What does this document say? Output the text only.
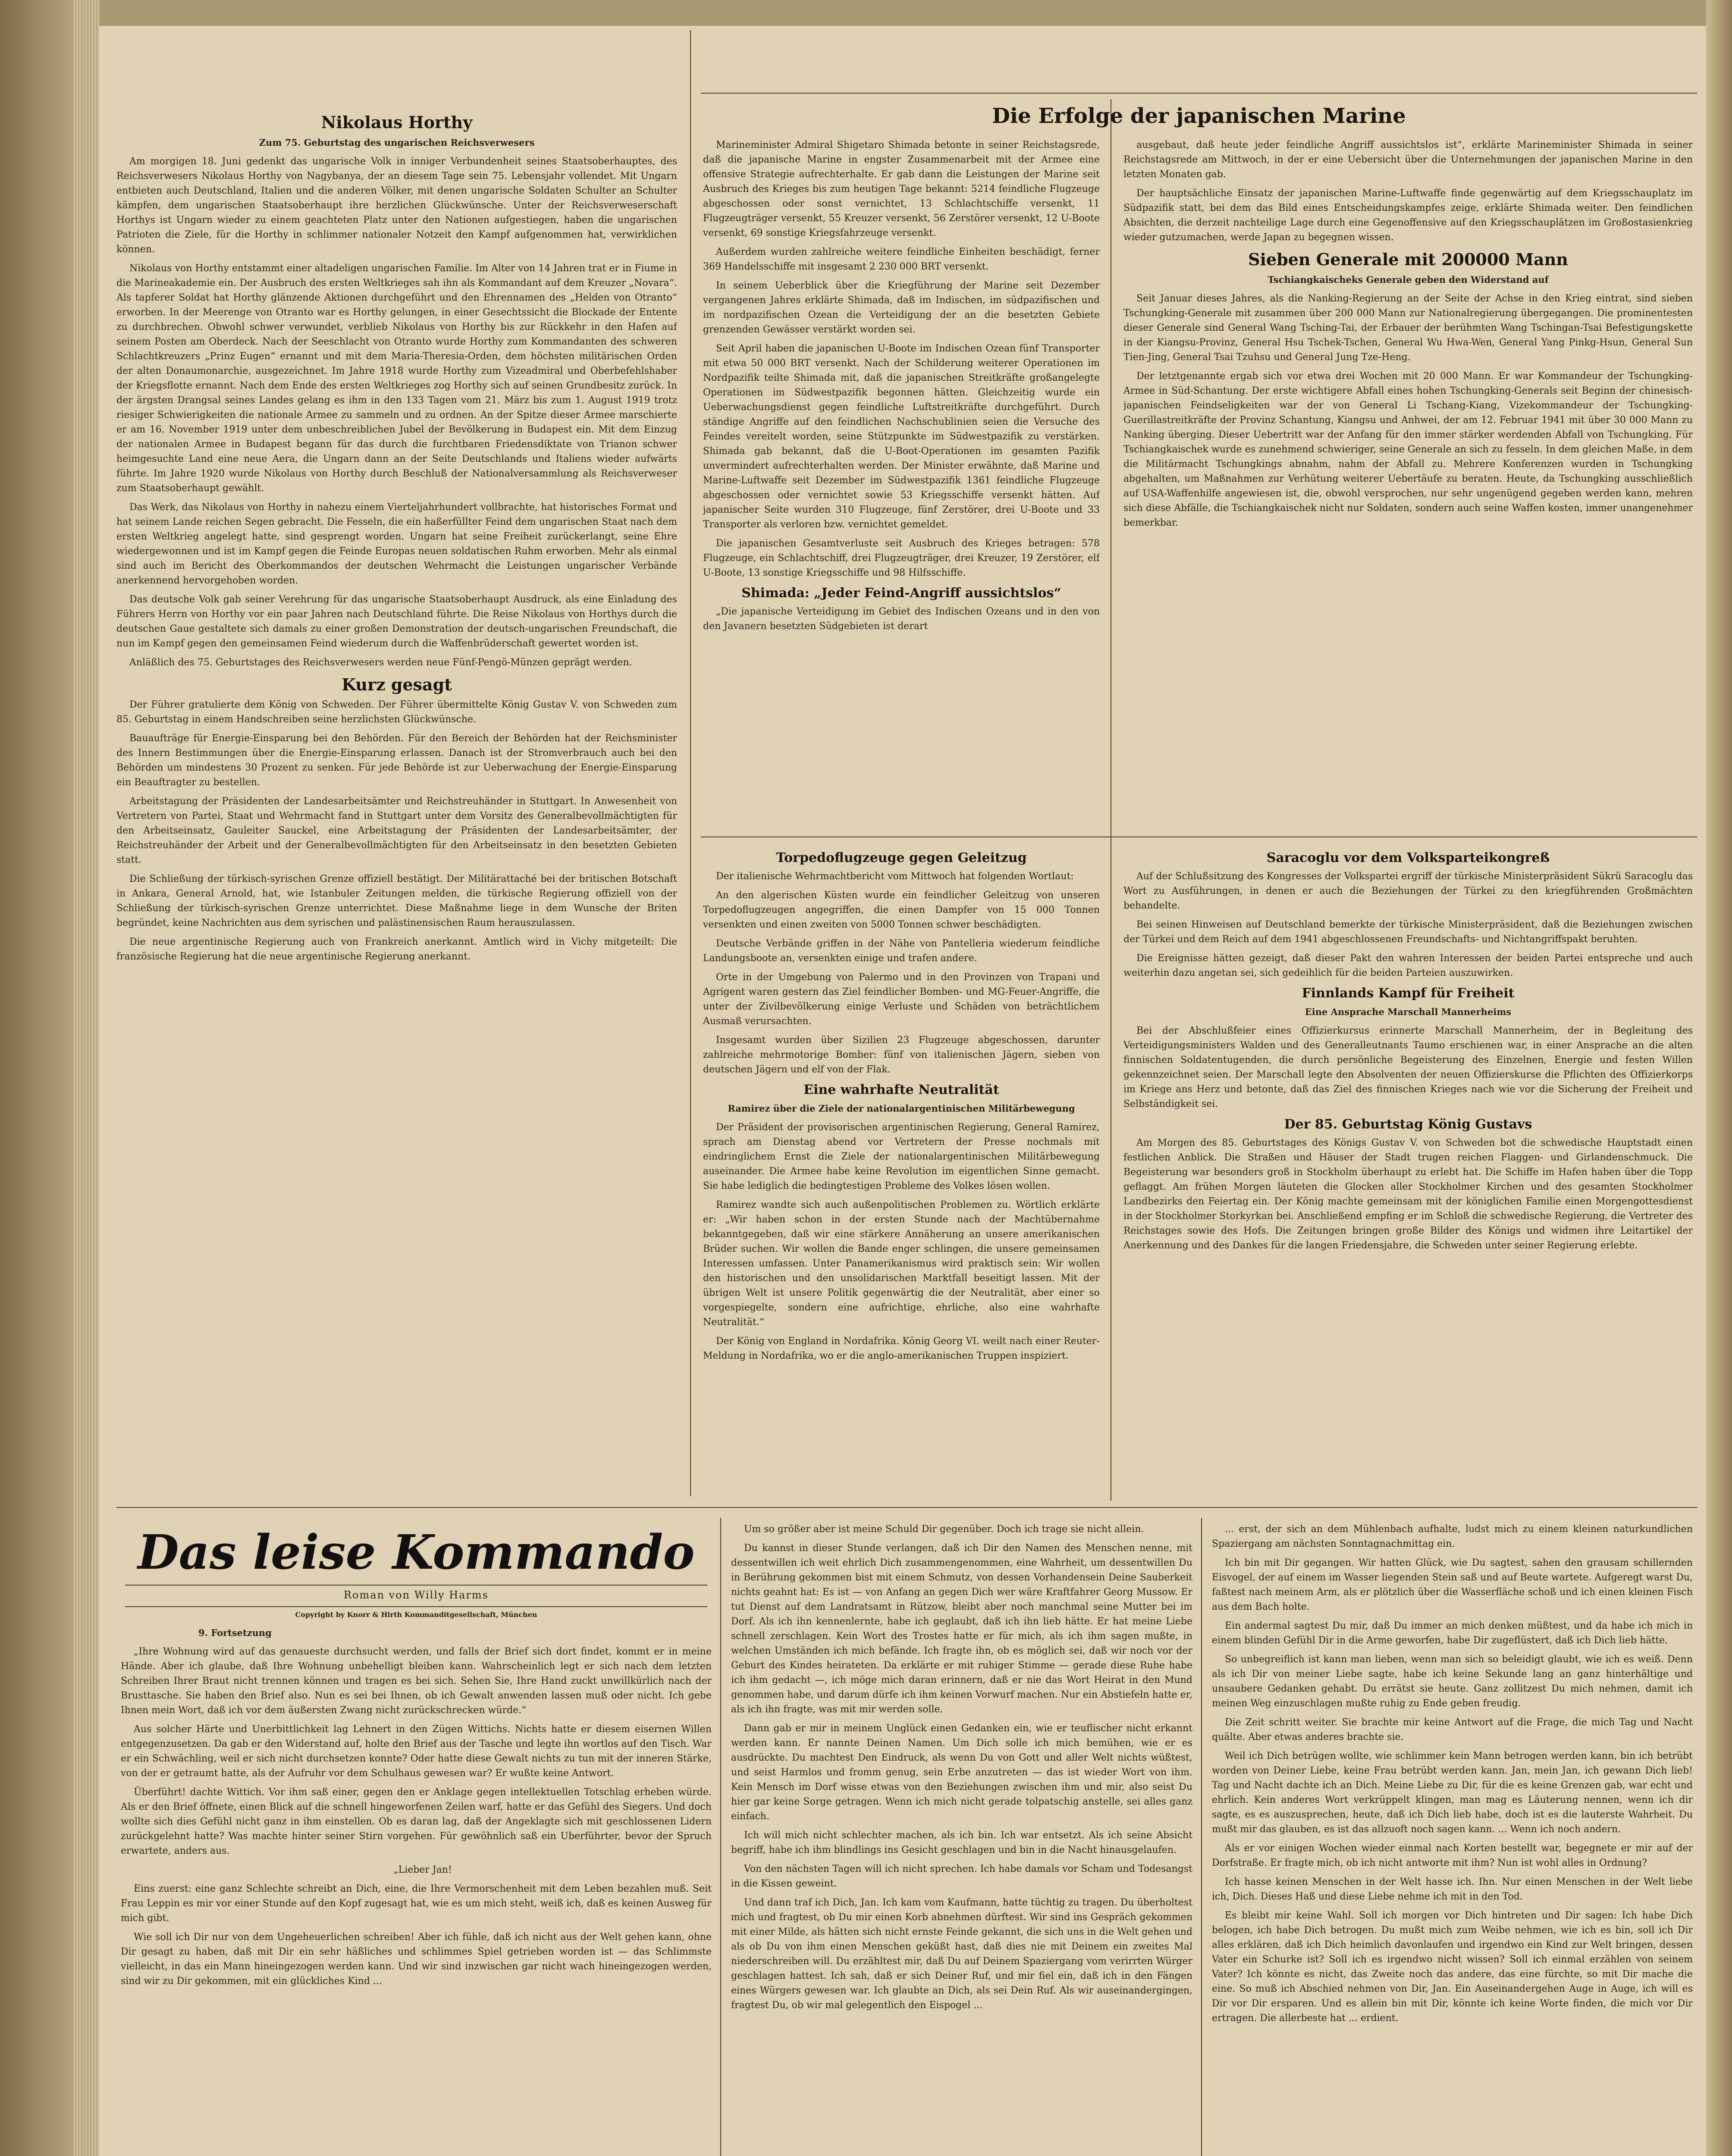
Nikolaus Horthy
Zum 75. Geburtstag des ungarischen Reichsverwesers

Am morgigen 18. Juni gedenkt das ungarische Volk in inniger Verbundenheit seines Staatsoberhauptes, des Reichsverwesers Nikolaus Horthy von Nagybanya, der an diesem Tage sein 75. Lebensjahr vollendet. Mit Ungarn entbieten auch Deutschland, Italien und die anderen Völker, mit denen ungarische Soldaten Schulter an Schulter kämpfen, dem ungarischen Staatsoberhaupt ihre herzlichen Glückwünsche. Unter der Reichsverweserschaft Horthys ist Ungarn wieder zu einem geachteten Platz unter den Nationen aufgestiegen, haben die ungarischen Patrioten die Ziele, für die Horthy in schlimmer nationaler Notzeit den Kampf aufgenommen hat, verwirklichen können.

Nikolaus von Horthy entstammt einer altadeligen ungarischen Familie. Im Alter von 14 Jahren trat er in Fiume in die Marineakademie ein. Der Ausbruch des ersten Weltkrieges sah ihn als Kommandant auf dem Kreuzer „Novara“. Als tapferer Soldat hat Horthy glänzende Aktionen durchgeführt und den Ehrennamen des „Helden von Otranto“ erworben. In der Meerenge von Otranto war es Horthy gelungen, in einer Gesechtssicht die Blockade der Entente zu durchbrechen. Obwohl schwer verwundet, verblieb Nikolaus von Horthy bis zur Rückkehr in den Hafen auf seinem Posten am Oberdeck. Nach der Seeschlacht von Otranto wurde Horthy zum Kommandanten des schweren Schlachtkreuzers „Prinz Eugen“ ernannt und mit dem Maria-Theresia-Orden, dem höchsten militärischen Orden der alten Donaumonarchie, ausgezeichnet. Im Jahre 1918 wurde Horthy zum Vizeadmiral und Oberbefehlshaber der Kriegsflotte ernannt. Nach dem Ende des ersten Weltkrieges zog Horthy sich auf seinen Grundbesitz zurück. In der ärgsten Drangsal seines Landes gelang es ihm in den 133 Tagen vom 21. März bis zum 1. August 1919 trotz riesiger Schwierigkeiten die nationale Armee zu sammeln und zu ordnen. An der Spitze dieser Armee marschierte er am 16. November 1919 unter dem unbeschreiblichen Jubel der Bevölkerung in Budapest ein. Mit dem Einzug der nationalen Armee in Budapest begann für das durch die furchtbaren Friedensdiktate von Trianon schwer heimgesuchte Land eine neue Aera, die Ungarn dann an der Seite Deutschlands und Italiens wieder aufwärts führte. Im Jahre 1920 wurde Nikolaus von Horthy durch Beschluß der Nationalversammlung als Reichsverweser zum Staatsoberhaupt gewählt.

Das Werk, das Nikolaus von Horthy in nahezu einem Vierteljahrhundert vollbrachte, hat historisches Format und hat seinem Lande reichen Segen gebracht. Die Fesseln, die ein haßerfüllter Feind dem ungarischen Staat nach dem ersten Weltkrieg angelegt hatte, sind gesprengt worden. Ungarn hat seine Freiheit zurückerlangt, seine Ehre wiedergewonnen und ist im Kampf gegen die Feinde Europas neuen soldatischen Ruhm erworben. Mehr als einmal sind auch im Bericht des Oberkommandos der deutschen Wehrmacht die Leistungen ungarischer Verbände anerkennend hervorgehoben worden.

Das deutsche Volk gab seiner Verehrung für das ungarische Staatsoberhaupt Ausdruck, als eine Einladung des Führers Herrn von Horthy vor ein paar Jahren nach Deutschland führte. Die Reise Nikolaus von Horthys durch die deutschen Gaue gestaltete sich damals zu einer großen Demonstration der deutsch-ungarischen Freundschaft, die nun im Kampf gegen den gemeinsamen Feind wiederum durch die Waffenbrüderschaft gewertet worden ist.

Anläßlich des 75. Geburtstages des Reichsverwesers werden neue Fünf-Pengö-Münzen geprägt werden.

Kurz gesagt

Der Führer gratulierte dem König von Schweden. Der Führer übermittelte König Gustav V. von Schweden zum 85. Geburtstag in einem Handschreiben seine herzlichsten Glückwünsche.

Bauaufträge für Energie-Einsparung bei den Behörden. Für den Bereich der Behörden hat der Reichsminister des Innern Bestimmungen über die Energie-Einsparung erlassen. Danach ist der Stromverbrauch auch bei den Behörden um mindestens 30 Prozent zu senken. Für jede Behörde ist zur Ueberwachung der Energie-Einsparung ein Beauftragter zu bestellen.

Arbeitstagung der Präsidenten der Landesarbeitsämter und Reichstreuhänder in Stuttgart. In Anwesenheit von Vertretern von Partei, Staat und Wehrmacht fand in Stuttgart unter dem Vorsitz des Generalbevollmächtigten für den Arbeitseinsatz, Gauleiter Sauckel, eine Arbeitstagung der Präsidenten der Landesarbeitsämter, der Reichstreuhänder der Arbeit und der Generalbevollmächtigten für den Arbeitseinsatz in den besetzten Gebieten statt.

Die Schließung der türkisch-syrischen Grenze offiziell bestätigt. Der Militärattaché bei der britischen Botschaft in Ankara, General Arnold, hat, wie Istanbuler Zeitungen melden, die türkische Regierung offiziell von der Schließung der türkisch-syrischen Grenze unterrichtet. Diese Maßnahme liege in dem Wunsche der Briten begründet, keine Nachrichten aus dem syrischen und palästinensischen Raum herauszulassen.

Die neue argentinische Regierung auch von Frankreich anerkannt. Amtlich wird in Vichy mitgeteilt: Die französische Regierung hat die neue argentinische Regierung anerkannt.

Die Erfolge der japanischen Marine

Marineminister Admiral Shigetaro Shimada betonte in seiner Reichstagsrede, daß die japanische Marine in engster Zusammenarbeit mit der Armee eine offensive Strategie aufrechterhalte. Er gab dann die Leistungen der Marine seit Ausbruch des Krieges bis zum heutigen Tage bekannt: 5214 feindliche Flugzeuge abgeschossen oder sonst vernichtet, 13 Schlachtschiffe versenkt, 11 Flugzeugträger versenkt, 55 Kreuzer versenkt, 56 Zerstörer versenkt, 12 U-Boote versenkt, 69 sonstige Kriegsfahrzeuge versenkt.

Außerdem wurden zahlreiche weitere feindliche Einheiten beschädigt, ferner 369 Handelsschiffe mit insgesamt 2 230 000 BRT versenkt.

In seinem Ueberblick über die Kriegführung der Marine seit Dezember vergangenen Jahres erklärte Shimada, daß im Indischen, im südpazifischen und im nordpazifischen Ozean die Verteidigung der an die besetzten Gebiete grenzenden Gewässer verstärkt worden sei.

Seit April haben die japanischen U-Boote im Indischen Ozean fünf Transporter mit etwa 50 000 BRT versenkt. Nach der Schilderung weiterer Operationen im Nordpazifik teilte Shimada mit, daß die japanischen Streitkräfte großangelegte Operationen im Südwestpazifik begonnen hätten. Gleichzeitig wurde ein Ueberwachungsdienst gegen feindliche Luftstreitkräfte durchgeführt. Durch ständige Angriffe auf den feindlichen Nachschublinien seien die Versuche des Feindes vereitelt worden, seine Stützpunkte im Südwestpazifik zu verstärken. Shimada gab bekannt, daß die U-Boot-Operationen im gesamten Pazifik unvermindert aufrechterhalten werden. Der Minister erwähnte, daß Marine und Marine-Luftwaffe seit Dezember im Südwestpazifik 1361 feindliche Flugzeuge abgeschossen oder vernichtet sowie 53 Kriegsschiffe versenkt hätten. Auf japanischer Seite wurden 310 Flugzeuge, fünf Zerstörer, drei U-Boote und 33 Transporter als verloren bzw. vernichtet gemeldet.

Die japanischen Gesamtverluste seit Ausbruch des Krieges betragen: 578 Flugzeuge, ein Schlachtschiff, drei Flugzeugträger, drei Kreuzer, 19 Zerstörer, elf U-Boote, 13 sonstige Kriegsschiffe und 98 Hilfsschiffe.

Shimada: „Jeder Feind-Angriff aussichtslos“

„Die japanische Verteidigung im Gebiet des Indischen Ozeans und in den von den Javanern besetzten Südgebieten ist derart

ausgebaut, daß heute jeder feindliche Angriff aussichtslos ist“, erklärte Marineminister Shimada in seiner Reichstagsrede am Mittwoch, in der er eine Uebersicht über die Unternehmungen der japanischen Marine in den letzten Monaten gab.

Der hauptsächliche Einsatz der japanischen Marine-Luftwaffe finde gegenwärtig auf dem Kriegsschauplatz im Südpazifik statt, bei dem das Bild eines Entscheidungskampfes zeige, erklärte Shimada weiter. Den feindlichen Absichten, die derzeit nachteilige Lage durch eine Gegenoffensive auf den Kriegsschauplätzen im Großostasienkrieg wieder gutzumachen, werde Japan zu begegnen wissen.

Sieben Generale mit 200000 Mann
Tschiangkaischeks Generale geben den Widerstand auf

Seit Januar dieses Jahres, als die Nanking-Regierung an der Seite der Achse in den Krieg eintrat, sind sieben Tschungking-Generale mit zusammen über 200 000 Mann zur Nationalregierung übergegangen. Die prominentesten dieser Generale sind General Wang Tsching-Tai, der Erbauer der berühmten Wang Tschingan-Tsai Befestigungskette in der Kiangsu-Provinz, General Hsu Tschek-Tschen, General Wu Hwa-Wen, General Yang Pinkg-Hsun, General Sun Tien-Jing, General Tsai Tzuhsu und General Jung Tze-Heng.

Der letztgenannte ergab sich vor etwa drei Wochen mit 20 000 Mann. Er war Kommandeur der Tschungking-Armee in Süd-Schantung. Der erste wichtigere Abfall eines hohen Tschungking-Generals seit Beginn der chinesisch-japanischen Feindseligkeiten war der von General Li Tschang-Kiang, Vizekommandeur der Tschungking-Guerillastreitkräfte der Provinz Schantung, Kiangsu und Anhwei, der am 12. Februar 1941 mit über 30 000 Mann zu Nanking überging. Dieser Uebertritt war der Anfang für den immer stärker werdenden Abfall von Tschungking. Für Tschiangkaischek wurde es zunehmend schwieriger, seine Generale an sich zu fesseln. In dem gleichen Maße, in dem die Militärmacht Tschungkings abnahm, nahm der Abfall zu. Mehrere Konferenzen wurden in Tschungking abgehalten, um Maßnahmen zur Verhütung weiterer Uebertäufe zu beraten. Heute, da Tschungking ausschließlich auf USA-Waffenhilfe angewiesen ist, die, obwohl versprochen, nur sehr ungenügend gegeben werden kann, mehren sich diese Abfälle, die Tschiangkaischek nicht nur Soldaten, sondern auch seine Waffen kosten, immer unangenehmer bemerkbar.

Torpedoflugzeuge gegen Geleitzug

Der italienische Wehrmachtbericht vom Mittwoch hat folgenden Wortlaut:

An den algerischen Küsten wurde ein feindlicher Geleitzug von unseren Torpedoflugzeugen angegriffen, die einen Dampfer von 15 000 Tonnen versenkten und einen zweiten von 5000 Tonnen schwer beschädigten.

Deutsche Verbände griffen in der Nähe von Pantelleria wiederum feindliche Landungsboote an, versenkten einige und trafen andere.

Orte in der Umgebung von Palermo und in den Provinzen von Trapani und Agrigent waren gestern das Ziel feindlicher Bomben- und MG-Feuer-Angriffe, die unter der Zivilbevölkerung einige Verluste und Schäden von beträchtlichem Ausmaß verursachten.

Insgesamt wurden über Sizilien 23 Flugzeuge abgeschossen, darunter zahlreiche mehrmotorige Bomber: fünf von italienischen Jägern, sieben von deutschen Jägern und elf von der Flak.

Eine wahrhafte Neutralität
Ramirez über die Ziele der nationalargentinischen Militärbewegung

Der Präsident der provisorischen argentinischen Regierung, General Ramirez, sprach am Dienstag abend vor Vertretern der Presse nochmals mit eindringlichem Ernst die Ziele der nationalargentinischen Militärbewegung auseinander. Die Armee habe keine Revolution im eigentlichen Sinne gemacht. Sie habe lediglich die bedingtestigen Probleme des Volkes lösen wollen.

Ramirez wandte sich auch außenpolitischen Problemen zu. Wörtlich erklärte er: „Wir haben schon in der ersten Stunde nach der Machtübernahme bekanntgegeben, daß wir eine stärkere Annäherung an unsere amerikanischen Brüder suchen. Wir wollen die Bande enger schlingen, die unsere gemeinsamen Interessen umfassen. Unter Panamerikanismus wird praktisch sein: Wir wollen den historischen und den unsolidarischen Marktfall beseitigt lassen. Mit der übrigen Welt ist unsere Politik gegenwärtig die der Neutralität, aber einer so vorgespiegelte, sondern eine aufrichtige, ehrliche, also eine wahrhafte Neutralität.“

Der König von England in Nordafrika. König Georg VI. weilt nach einer Reuter-Meldung in Nordafrika, wo er die anglo-amerikanischen Truppen inspiziert.

Saracoglu vor dem Volksparteikongreß

Auf der Schlußsitzung des Kongresses der Volkspartei ergriff der türkische Ministerpräsident Sükrü Saracoglu das Wort zu Ausführungen, in denen er auch die Beziehungen der Türkei zu den kriegführenden Großmächten behandelte.

Bei seinen Hinweisen auf Deutschland bemerkte der türkische Ministerpräsident, daß die Beziehungen zwischen der Türkei und dem Reich auf dem 1941 abgeschlossenen Freundschafts- und Nichtangriffspakt beruhten.

Die Ereignisse hätten gezeigt, daß dieser Pakt den wahren Interessen der beiden Partei entspreche und auch weiterhin dazu angetan sei, sich gedeihlich für die beiden Parteien auszuwirken.

Finnlands Kampf für Freiheit
Eine Ansprache Marschall Mannerheims

Bei der Abschlußfeier eines Offizierkursus erinnerte Marschall Mannerheim, der in Begleitung des Verteidigungsministers Walden und des Generalleutnants Taumo erschienen war, in einer Ansprache an die alten finnischen Soldatentugenden, die durch persönliche Begeisterung des Einzelnen, Energie und festen Willen gekennzeichnet seien. Der Marschall legte den Absolventen der neuen Offizierskurse die Pflichten des Offizierkorps im Kriege ans Herz und betonte, daß das Ziel des finnischen Krieges nach wie vor die Sicherung der Freiheit und Selbständigkeit sei.

Der 85. Geburtstag König Gustavs

Am Morgen des 85. Geburtstages des Königs Gustav V. von Schweden bot die schwedische Hauptstadt einen festlichen Anblick. Die Straßen und Häuser der Stadt trugen reichen Flaggen- und Girlandenschmuck. Die Begeisterung war besonders groß in Stockholm überhaupt zu erlebt hat. Die Schiffe im Hafen haben über die Topp geflaggt. Am frühen Morgen läuteten die Glocken aller Stockholmer Kirchen und des gesamten Stockholmer Landbezirks den Feiertag ein. Der König machte gemeinsam mit der königlichen Familie einen Morgengottesdienst in der Stockholmer Storkyrkan bei. Anschließend empfing er im Schloß die schwedische Regierung, die Vertreter des Reichstages sowie des Hofs. Die Zeitungen bringen große Bilder des Königs und widmen ihre Leitartikel der Anerkennung und des Dankes für die langen Friedensjahre, die Schweden unter seiner Regierung erlebte.

Das leise Kommando
Roman von Willy Harms
Copyright by Knorr & Hirth Kommanditgesellschaft, München
9. Fortsetzung

„Ihre Wohnung wird auf das genaueste durchsucht werden, und falls der Brief sich dort findet, kommt er in meine Hände. Aber ich glaube, daß Ihre Wohnung unbehelligt bleiben kann. Wahrscheinlich legt er sich nach dem letzten Schreiben Ihrer Braut nicht trennen können und tragen es bei sich. Sehen Sie, Ihre Hand zuckt unwillkürlich nach der Brusttasche. Sie haben den Brief also. Nun es sei bei Ihnen, ob ich Gewalt anwenden lassen muß oder nicht. Ich gebe Ihnen mein Wort, daß ich vor dem äußersten Zwang nicht zurückschrecken würde.“

Aus solcher Härte und Unerbittlichkeit lag Lehnert in den Zügen Wittichs. Nichts hatte er diesem eisernen Willen entgegenzusetzen. Da gab er den Widerstand auf, holte den Brief aus der Tasche und legte ihn wortlos auf den Tisch. War er ein Schwächling, weil er sich nicht durchsetzen konnte? Oder hatte diese Gewalt nichts zu tun mit der inneren Stärke, von der er getraumt hatte, als der Aufruhr vor dem Schulhaus gewesen war? Er wußte keine Antwort.

Überführt! dachte Wittich. Vor ihm saß einer, gegen den er Anklage gegen intellektuellen Totschlag erheben würde. Als er den Brief öffnete, einen Blick auf die schnell hingeworfenen Zeilen warf, hatte er das Gefühl des Siegers. Und doch wollte sich dies Gefühl nicht ganz in ihm einstellen. Ob es daran lag, daß der Angeklagte sich mit geschlossenen Lidern zurückgelehnt hatte? Was machte hinter seiner Stirn vorgehen. Für gewöhnlich saß ein Uberführter, bevor der Spruch erwartete, anders aus.

„Lieber Jan!

Eins zuerst: eine ganz Schlechte schreibt an Dich, eine, die Ihre Vermorschenheit mit dem Leben bezahlen muß. Seit Frau Leppin es mir vor einer Stunde auf den Kopf zugesagt hat, wie es um mich steht, weiß ich, daß es keinen Ausweg für mich gibt.

Wie soll ich Dir nur von dem Ungeheuerlichen schreiben! Aber ich fühle, daß ich nicht aus der Welt gehen kann, ohne Dir gesagt zu haben, daß mit Dir ein sehr häßliches und schlimmes Spiel getrieben worden ist — das Schlimmste vielleicht, in das ein Mann hineingezogen werden kann. Und wir sind inzwischen gar nicht wach hineingezogen werden, sind wir zu Dir gekommen, mit ein glückliches Kind ...

Um so größer aber ist meine Schuld Dir gegenüber. Doch ich trage sie nicht allein.

Du kannst in dieser Stunde verlangen, daß ich Dir den Namen des Menschen nenne, mit dessentwillen ich weit ehrlich Dich zusammengenommen, eine Wahrheit, um dessentwillen Du in Berührung gekommen bist mit einem Schmutz, von dessen Vorhandensein Deine Sauberkeit nichts geahnt hat: Es ist — von Anfang an gegen Dich wer wäre Kraftfahrer Georg Mussow. Er tut Dienst auf dem Landratsamt in Rützow, bleibt aber noch manchmal seine Mutter bei im Dorf. Als ich ihn kennenlernte, habe ich geglaubt, daß ich ihn lieb hätte. Er hat meine Liebe schnell zerschlagen. Kein Wort des Trostes hatte er für mich, als ich ihm sagen mußte, in welchen Umständen ich mich befände. Ich fragte ihn, ob es möglich sei, daß wir noch vor der Geburt des Kindes heirateten. Da erklärte er mit ruhiger Stimme — gerade diese Ruhe habe ich ihm gedacht —, ich möge mich daran erinnern, daß er nie das Wort Heirat in den Mund genommen habe, und darum dürfe ich ihm keinen Vorwurf machen. Nur ein Abstiefeln hatte er, als ich ihn fragte, was mit mir werden solle.

Dann gab er mir in meinem Unglück einen Gedanken ein, wie er teuflischer nicht erkannt werden kann. Er nannte Deinen Namen. Um Dich solle ich mich bemühen, wie er es ausdrückte. Du machtest Den Eindruck, als wenn Du von Gott und aller Welt nichts wüßtest, und seist Harmlos und fromm genug, sein Erbe anzutreten — das ist wieder Wort von ihm. Kein Mensch im Dorf wisse etwas von den Beziehungen zwischen ihm und mir, also seist Du hier gar keine Sorge getragen. Wenn ich mich nicht gerade tolpatschig anstelle, sei alles ganz einfach.

Ich will mich nicht schlechter machen, als ich bin. Ich war entsetzt. Als ich seine Absicht begriff, habe ich ihm blindlings ins Gesicht geschlagen und bin in die Nacht hinausgelaufen.

Von den nächsten Tagen will ich nicht sprechen. Ich habe damals vor Scham und Todesangst in die Kissen geweint.

Und dann traf ich Dich, Jan. Ich kam vom Kaufmann, hatte tüchtig zu tragen. Du überholtest mich und fragtest, ob Du mir einen Korb abnehmen dürftest. Wir sind ins Gespräch gekommen mit einer Milde, als hätten sich nicht ernste Feinde gekannt, die sich uns in die Welt gehen und als ob Du von ihm einen Menschen geküßt hast, daß dies nie mit Deinem ein zweites Mal niederschreiben will. Du erzähltest mir, daß Du auf Deinem Spaziergang vom verirrten Würger geschlagen hattest. Ich sah, daß er sich Deiner Ruf, und mir fiel ein, daß ich in den Fängen eines Würgers gewesen war. Ich glaubte an Dich, als sei Dein Ruf. Als wir auseinandergingen, fragtest Du, ob wir mal gelegentlich den Eispogel ...

... erst, der sich an dem Mühlenbach aufhalte, ludst mich zu einem kleinen naturkundlichen Spaziergang am nächsten Sonntagnachmittag ein.

Ich bin mit Dir gegangen. Wir hatten Glück, wie Du sagtest, sahen den grausam schillernden Eisvogel, der auf einem im Wasser liegenden Stein saß und auf Beute wartete. Aufgeregt warst Du, faßtest nach meinem Arm, als er plötzlich über die Wasserfläche schoß und ich einen kleinen Fisch aus dem Bach holte.

Ein andermal sagtest Du mir, daß Du immer an mich denken müßtest, und da habe ich mich in einem blinden Gefühl Dir in die Arme geworfen, habe Dir zugeflüstert, daß ich Dich lieb hätte.

So unbegreiflich ist kann man lieben, wenn man sich so beleidigt glaubt, wie ich es weiß. Denn als ich Dir von meiner Liebe sagte, habe ich keine Sekunde lang an ganz hinterhältige und unsaubere Gedanken gehabt. Du errätst sie heute. Ganz zollitzest Du mich nehmen, damit ich meinen Weg einzuschlagen mußte ruhig zu Ende geben freudig.

Die Zeit schritt weiter. Sie brachte mir keine Antwort auf die Frage, die mich Tag und Nacht quälte. Aber etwas anderes brachte sie.

Weil ich Dich betrügen wollte, wie schlimmer kein Mann betrogen werden kann, bin ich betrübt worden von Deiner Liebe, keine Frau betrübt werden kann. Jan, mein Jan, ich gewann Dich lieb! Tag und Nacht dachte ich an Dich. Meine Liebe zu Dir, für die es keine Grenzen gab, war echt und ehrlich. Kein anderes Wort verkrüppelt klingen, man mag es Läuterung nennen, wenn ich dir sagte, es es auszusprechen, heute, daß ich Dich lieb habe, doch ist es die lauterste Wahrheit. Du mußt mir das glauben, es ist das allzuoft noch sagen kann. ... Wenn ich noch andern.

Als er vor einigen Wochen wieder einmal nach Korten bestellt war, begegnete er mir auf der Dorfstraße. Er fragte mich, ob ich nicht antworte mit ihm? Nun ist wohl alles in Ordnung?

Ich hasse keinen Menschen in der Welt hasse ich. Ihn. Nur einen Menschen in der Welt liebe ich, Dich. Dieses Haß und diese Liebe nehme ich mit in den Tod.

Es bleibt mir keine Wahl. Soll ich morgen vor Dich hintreten und Dir sagen: Ich habe Dich belogen, ich habe Dich betrogen. Du mußt mich zum Weibe nehmen, wie ich es bin, soll ich Dir alles erklären, daß ich Dich heimlich davonlaufen und irgendwo ein Kind zur Welt bringen, dessen Vater ein Schurke ist? Soll ich es irgendwo nicht wissen? Soll ich einmal erzählen von seinem Vater? Ich könnte es nicht, das Zweite noch das andere, das eine fürchte, so mit Dir mache die eine. So muß ich Abschied nehmen von Dir, Jan. Ein Auseinandergehen Auge in Auge, ich will es Dir vor Dir ersparen. Und es allein bin mit Dir, könnte ich keine Worte finden, die mich vor Dir ertragen. Die allerbeste hat ... erdient.
